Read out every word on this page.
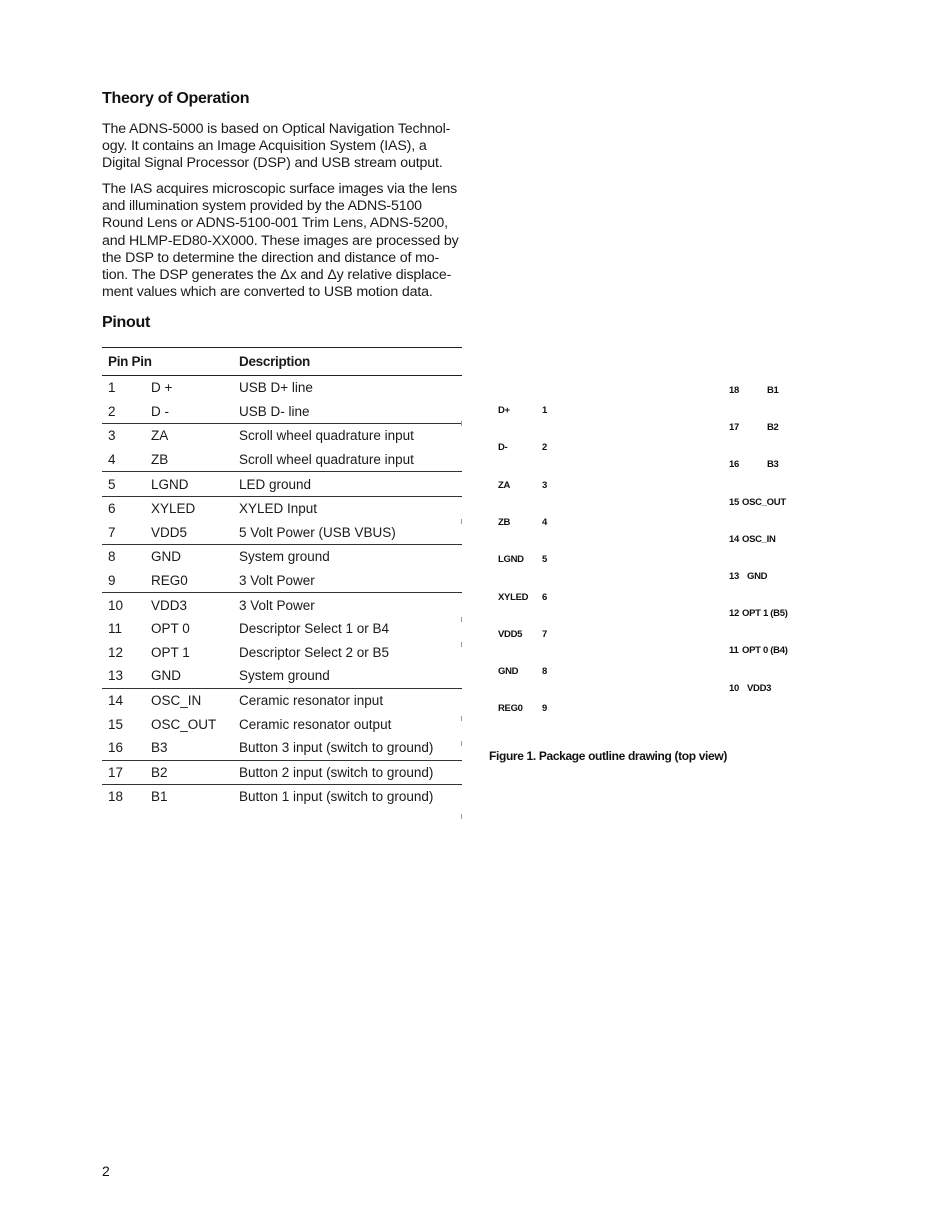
Theory of Operation

The ADNS-5000 is based on Optical Navigation Technol-ogy. It contains an Image Acquisition System (IAS), a Digital Signal Processor (DSP) and USB stream output.

The IAS acquires microscopic surface images via the lens and illumination system provided by the ADNS-5100 Round Lens or ADNS-5100-001 Trim Lens, ADNS-5200, and HLMP-ED80-XX000. These images are processed by the DSP to determine the direction and distance of mo-tion. The DSP generates the Δx and Δy relative displace-ment values which are converted to USB motion data.

Pinout
Pin Pin		Description
1	D +	USB D+ line
2	D -	USB D- line
3	ZA	Scroll wheel quadrature input
4	ZB	Scroll wheel quadrature input
5	LGND	LED ground
6	XYLED	XYLED Input
7	VDD5	5 Volt Power (USB VBUS)
8	GND	System ground
9	REG0	3 Volt Power
10	VDD3	3 Volt Power
11	OPT 0	Descriptor Select 1 or B4
12	OPT 1	Descriptor Select 2 or B5
13	GND	System ground
14	OSC_IN	Ceramic resonator input
15	OSC_OUT	Ceramic resonator output
16	B3	Button 3 input (switch to ground)
17	B2	Button 2 input (switch to ground)
18	B1	Button 1 input (switch to ground)
D+	1
D-	2
ZA	3
ZB	4
LGND 5
XYLED 6
VDD5 7
GND	8
REG0 9
18	B1
17	B2
16	B3
15 OSC_OUT
14 OSC_IN
13 GND
12 OPT 1 (B5)
11 OPT 0 (B4)
10 VDD3

Figure 1. Package outline drawing (top view)

2
